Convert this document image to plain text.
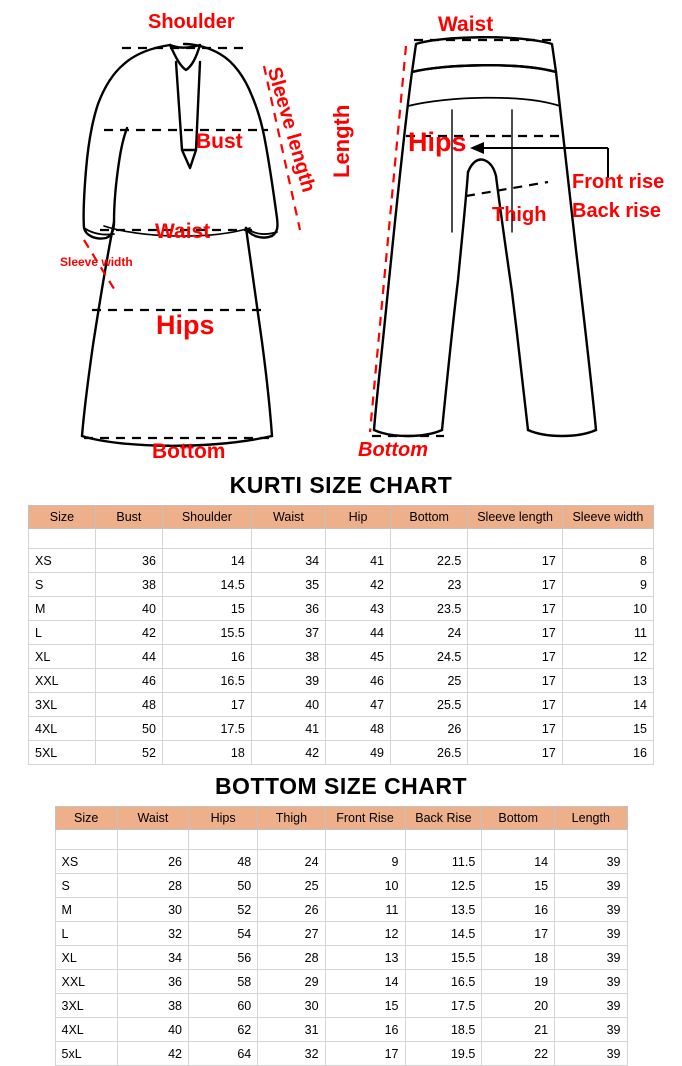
Shoulder
Bust Sleeve length
Waist
Sleeve width
Hips
Bottom
Waist
Hips
Length
Thigh
Front rise
Back rise
Bottom
KURTI SIZE CHART
Size	Bust	Shoulder	Waist	Hip	Bottom	Sleeve length	Sleeve width

XS	36	14	34	41	22.5	17	8
S	38	14.5	35	42	23	17	9
M	40	15	36	43	23.5	17	10
L	42	15.5	37	44	24	17	11
XL	44	16	38	45	24.5	17	12
XXL	46	16.5	39	46	25	17	13
3XL	48	17	40	47	25.5	17	14
4XL	50	17.5	41	48	26	17	15
5XL	52	18	42	49	26.5	17	16
BOTTOM SIZE CHART
Size	Waist	Hips	Thigh	Front Rise	Back Rise	Bottom	Length

XS	26	48	24	9	11.5	14	39
S	28	50	25	10	12.5	15	39
M	30	52	26	11	13.5	16	39
L	32	54	27	12	14.5	17	39
XL	34	56	28	13	15.5	18	39
XXL	36	58	29	14	16.5	19	39
3XL	38	60	30	15	17.5	20	39
4XL	40	62	31	16	18.5	21	39
5xL	42	64	32	17	19.5	22	39
